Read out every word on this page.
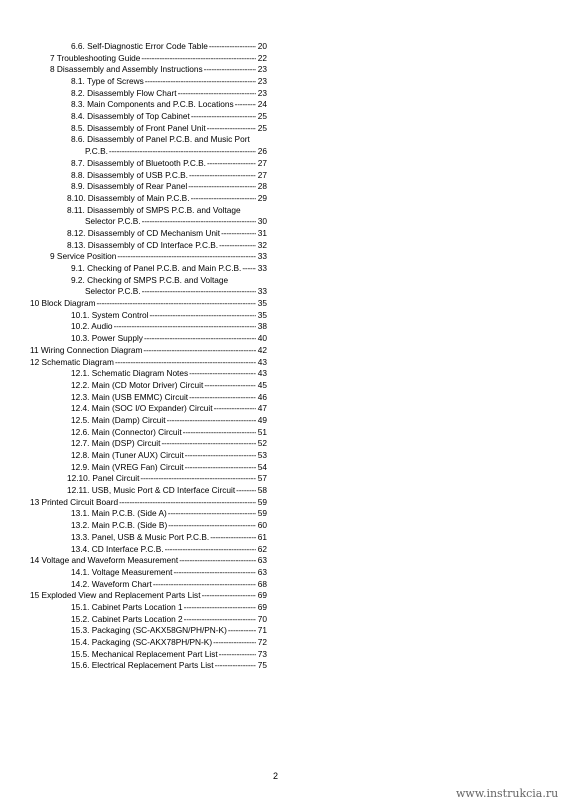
6.6. Self-Diagnostic Error Code Table -----	20
7 Troubleshooting Guide -----	22
8 Disassembly and Assembly Instructions -----	23
8.1. Type of Screws -----	23
8.2. Disassembly Flow Chart -----	23
8.3. Main Components and P.C.B. Locations -----	24
8.4. Disassembly of Top Cabinet -----	25
8.5. Disassembly of Front Panel Unit -----	25
8.6. Disassembly of Panel P.C.B. and Music Port
P.C.B. -----	26
8.7. Disassembly of Bluetooth P.C.B. -----	27
8.8. Disassembly of USB P.C.B. -----	27
8.9. Disassembly of Rear Panel -----	28
8.10. Disassembly of Main P.C.B. -----	29
8.11. Disassembly of SMPS P.C.B. and Voltage
Selector P.C.B. -----	30
8.12. Disassembly of CD Mechanism Unit -----	31
8.13. Disassembly of CD Interface P.C.B. -----	32
9 Service Position -----	33
9.1. Checking of Panel P.C.B. and Main P.C.B. ----- 33
9.2. Checking of SMPS P.C.B. and Voltage
Selector P.C.B. -----	33
10 Block Diagram -----	35
10.1. System Control -----	35
10.2. Audio -----	38
10.3. Power Supply -----	40
11 Wiring Connection Diagram -----	42
12 Schematic Diagram -----	43
12.1. Schematic Diagram Notes -----	43
12.2. Main (CD Motor Driver) Circuit -----	45
12.3. Main (USB EMMC) Circuit -----	46
12.4. Main (SOC I/O Expander) Circuit -----	47
12.5. Main (Damp) Circuit -----	49
12.6. Main (Connector) Circuit -----	51
12.7. Main (DSP) Circuit -----	52
12.8. Main (Tuner AUX) Circuit -----	53
12.9. Main (VREG Fan) Circuit -----	54
12.10. Panel Circuit -----	57
12.11. USB, Music Port & CD Interface Circuit -----	58
13 Printed Circuit Board -----	59
13.1. Main P.C.B. (Side A) -----	59
13.2. Main P.C.B. (Side B) -----	60
13.3. Panel, USB & Music Port P.C.B. -----	61
13.4. CD Interface P.C.B. -----	62
14 Voltage and Waveform Measurement -----	63
14.1. Voltage Measurement -----	63
14.2. Waveform Chart -----	68
15 Exploded View and Replacement Parts List -----	69
15.1. Cabinet Parts Location 1 -----	69
15.2. Cabinet Parts Location 2 -----	70
15.3. Packaging (SC-AKX58GN/PH/PN-K) -----	71
15.4. Packaging (SC-AKX78PH/PN-K) -----	72
15.5. Mechanical Replacement Part List -----	73
15.6. Electrical Replacement Parts List -----	75
2
www.instrukcia.ru
